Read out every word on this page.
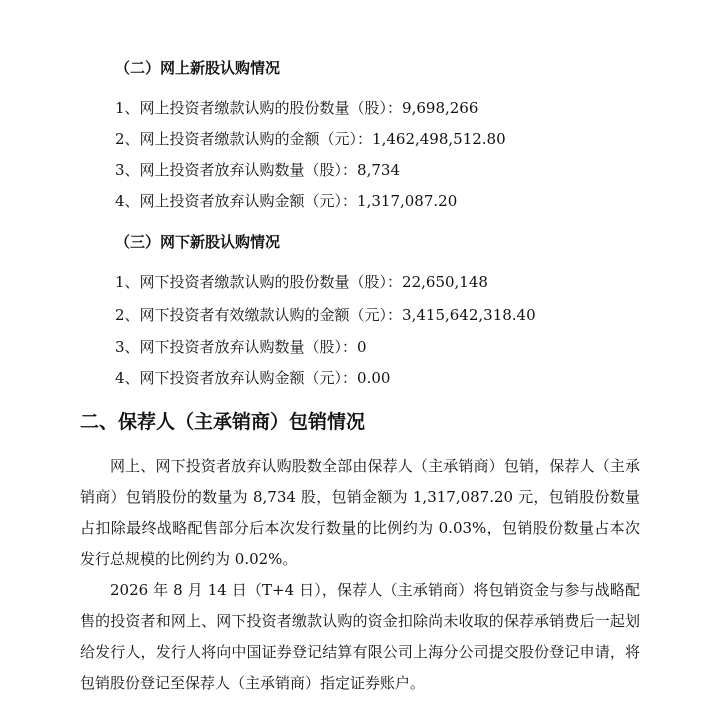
（二）网上新股认购情况
1、网上投资者缴款认购的股份数量（股）：9,698,266
2、网上投资者缴款认购的金额（元）：1,462,498,512.80
3、网上投资者放弃认购数量（股）：8,734
4、网上投资者放弃认购金额（元）：1,317,087.20
（三）网下新股认购情况
1、网下投资者缴款认购的股份数量（股）：22,650,148
2、网下投资者有效缴款认购的金额（元）：3,415,642,318.40
3、网下投资者放弃认购数量（股）：0
4、网下投资者放弃认购金额（元）：0.00
二、保荐人（主承销商）包销情况
网上、网下投资者放弃认购股数全部由保荐人（主承销商）包销，保荐人（主承销商）包销股份的数量为 8,734 股，包销金额为 1,317,087.20 元，包销股份数量占扣除最终战略配售部分后本次发行数量的比例约为 0.03%，包销股份数量占本次发行总规模的比例约为 0.02%。
2026 年 8 月 14 日（T+4 日），保荐人（主承销商）将包销资金与参与战略配售的投资者和网上、网下投资者缴款认购的资金扣除尚未收取的保荐承销费后一起划给发行人，发行人将向中国证券登记结算有限公司上海分公司提交股份登记申请，将包销股份登记至保荐人（主承销商）指定证券账户。
